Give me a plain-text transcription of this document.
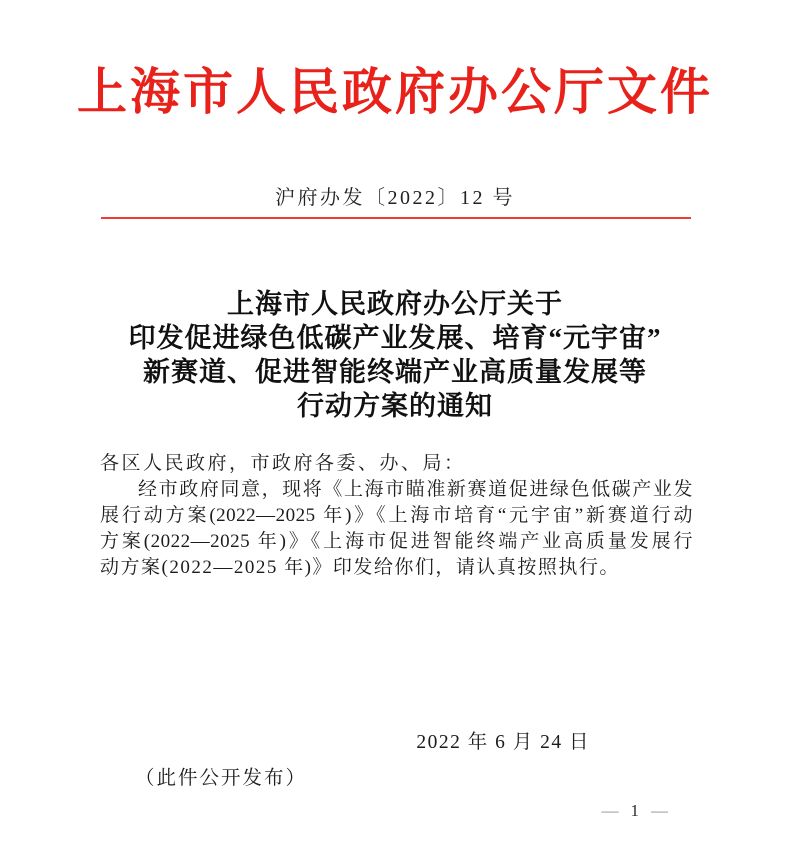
上海市人民政府办公厅文件
沪府办发〔2022〕12 号
上海市人民政府办公厅关于
印发促进绿色低碳产业发展、培育“元宇宙”
新赛道、促进智能终端产业高质量发展等
行动方案的通知
各区人民政府，市政府各委、办、局：
经市政府同意，现将《上海市瞄准新赛道促进绿色低碳产业发
展行动方案(2022—2025 年)》《上海市培育“元宇宙”新赛道行动
方案(2022—2025 年)》《上海市促进智能终端产业高质量发展行
动方案(2022—2025 年)》印发给你们，请认真按照执行。
2022 年 6 月 24 日
（此件公开发布）
— 1 —
